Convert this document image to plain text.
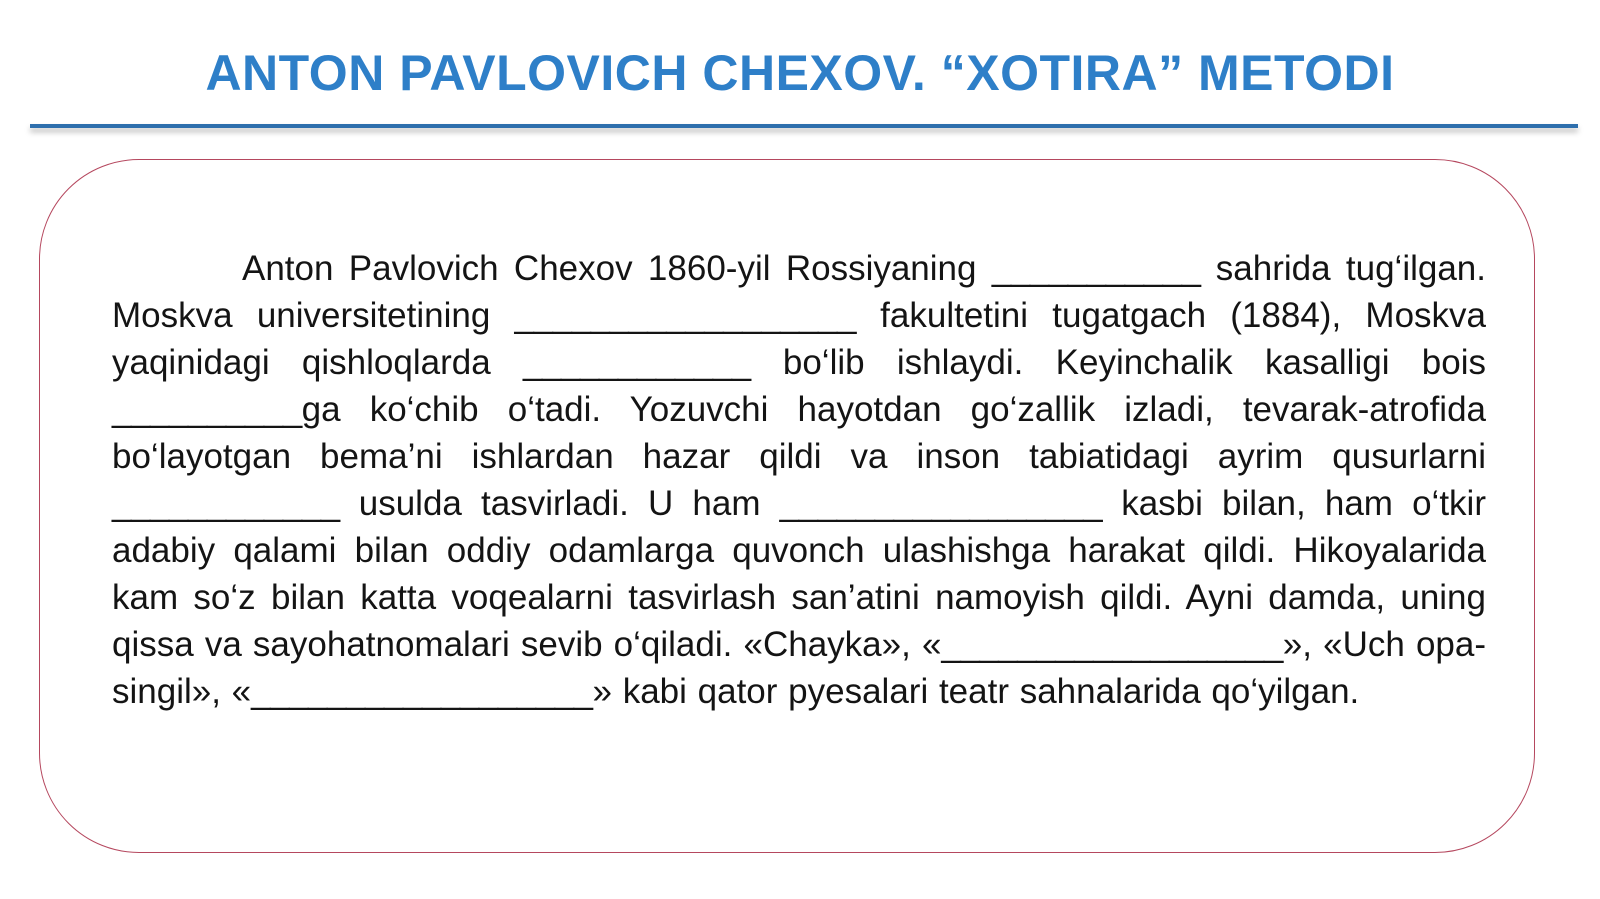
ANTON PAVLOVICH CHEXOV. “XOTIRA” METODI

Anton Pavlovich Chexov 1860-yil Rossiyaning ___________ sahrida tug‘ilgan. Moskva universitetining __________________ fakultetini tugatgach (1884), Moskva yaqinidagi qishloqlarda ____________ bo‘lib ishlaydi. Keyinchalik kasalligi bois __________ga ko‘chib o‘tadi. Yozuvchi hayotdan go‘zallik izladi, tevarak-atrofida bo‘layotgan bema’ni ishlardan hazar qildi va inson tabiatidagi ayrim qusurlarni ____________ usulda tasvirladi. U ham _________________ kasbi bilan, ham o‘tkir adabiy qalami bilan oddiy odamlarga quvonch ulashishga harakat qildi. Hikoyalarida kam so‘z bilan katta voqealarni tasvirlash san’atini namoyish qildi. Ayni damda, uning qissa va sayohatnomalari sevib o‘qiladi. «Chayka», «__________________», «Uch opa-singil», «__________________» kabi qator pyesalari teatr sahnalarida qo‘yilgan.
